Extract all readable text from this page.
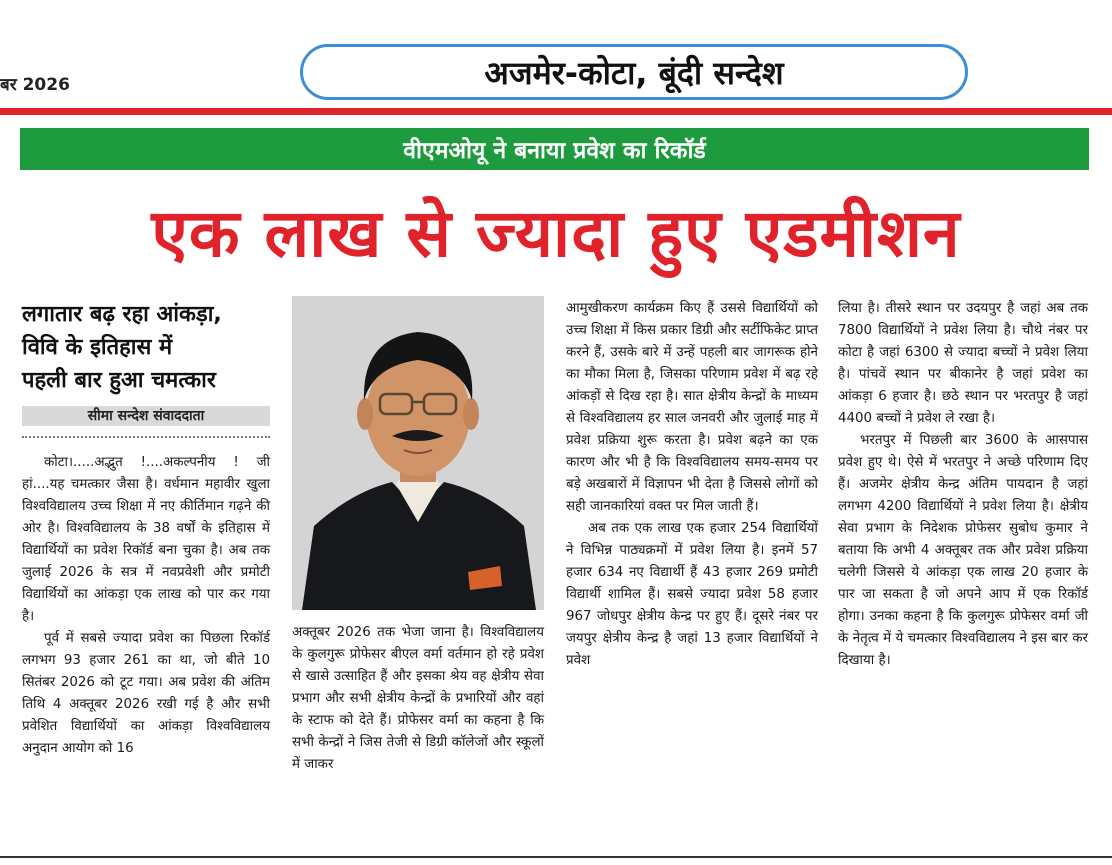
बर 2026	अजमेर-कोटा, बूंदी सन्देश
वीएमओयू ने बनाया प्रवेश का रिकॉर्ड
एक लाख से ज्यादा हुए एडमीशन
लगातार बढ़ रहा आंकड़ा,
विवि के इतिहास में
पहली बार हुआ चमत्कार
सीमा सन्देश संवाददाता

कोटा।.....अद्भुत !....अकल्पनीय ! जी हां....यह चमत्कार जैसा है। वर्धमान महावीर खुला विश्वविद्यालय उच्च शिक्षा में नए कीर्तिमान गढ़ने की ओर है। विश्वविद्यालय के 38 वर्षों के इतिहास में विद्यार्थियों का प्रवेश रिकॉर्ड बना चुका है। अब तक जुलाई 2026 के सत्र में नवप्रवेशी और प्रमोटी विद्यार्थियों का आंकड़ा एक लाख को पार कर गया है।

पूर्व में सबसे ज्यादा प्रवेश का पिछला रिकॉर्ड लगभग 93 हजार 261 का था, जो बीते 10 सितंबर 2026 को टूट गया। अब प्रवेश की अंतिम तिथि 4 अक्तूबर 2026 रखी गई है और सभी प्रवेशित विद्यार्थियों का आंकड़ा विश्वविद्यालय अनुदान आयोग को 16

अक्तूबर 2026 तक भेजा जाना है। विश्वविद्यालय के कुलगुरू प्रोफेसर बीएल वर्मा वर्तमान हो रहे प्रवेश से खासे उत्साहित हैं और इसका श्रेय वह क्षेत्रीय सेवा प्रभाग और सभी क्षेत्रीय केन्द्रों के प्रभारियों और वहां के स्टाफ को देते हैं। प्रोफेसर वर्मा का कहना है कि सभी केन्द्रों ने जिस तेजी से डिग्री कॉलेजों और स्कूलों में जाकर

आमुखीकरण कार्यक्रम किए हैं उससे विद्यार्थियों को उच्च शिक्षा में किस प्रकार डिग्री और सर्टीफिकेट प्राप्त करने हैं, उसके बारे में उन्हें पहली बार जागरूक होने का मौका मिला है, जिसका परिणाम प्रवेश में बढ़ रहे आंकड़ों से दिख रहा है। सात क्षेत्रीय केन्द्रों के माध्यम से विश्वविद्यालय हर साल जनवरी और जुलाई माह में प्रवेश प्रक्रिया शुरू करता है। प्रवेश बढ़ने का एक कारण और भी है कि विश्वविद्यालय समय-समय पर बड़े अखबारों में विज्ञापन भी देता है जिससे लोगों को सही जानकारियां वक्त पर मिल जाती हैं।

अब तक एक लाख एक हजार 254 विद्यार्थियों ने विभिन्न पाठ्यक्रमों में प्रवेश लिया है। इनमें 57 हजार 634 नए विद्यार्थी हैं 43 हजार 269 प्रमोटी विद्यार्थी शामिल हैं। सबसे ज्यादा प्रवेश 58 हजार 967 जोधपुर क्षेत्रीय केन्द्र पर हुए हैं। दूसरे नंबर पर जयपुर क्षेत्रीय केन्द्र है जहां 13 हजार विद्यार्थियों ने प्रवेश

लिया है। तीसरे स्थान पर उदयपुर है जहां अब तक 7800 विद्यार्थियों ने प्रवेश लिया है। चौथे नंबर पर कोटा है जहां 6300 से ज्यादा बच्चों ने प्रवेश लिया है। पांचवें स्थान पर बीकानेर है जहां प्रवेश का आंकड़ा 6 हजार है। छठे स्थान पर भरतपुर है जहां 4400 बच्चों ने प्रवेश ले रखा है।

भरतपुर में पिछली बार 3600 के आसपास प्रवेश हुए थे। ऐसे में भरतपुर ने अच्छे परिणाम दिए हैं। अजमेर क्षेत्रीय केन्द्र अंतिम पायदान है जहां लगभग 4200 विद्यार्थियों ने प्रवेश लिया है। क्षेत्रीय सेवा प्रभाग के निदेशक प्रोफेसर सुबोध कुमार ने बताया कि अभी 4 अक्तूबर तक और प्रवेश प्रक्रिया चलेगी जिससे ये आंकड़ा एक लाख 20 हजार के पार जा सकता है जो अपने आप में एक रिकॉर्ड होगा। उनका कहना है कि कुलगुरू प्रोफेसर वर्मा जी के नेतृत्व में ये चमत्कार विश्वविद्यालय ने इस बार कर दिखाया है।
